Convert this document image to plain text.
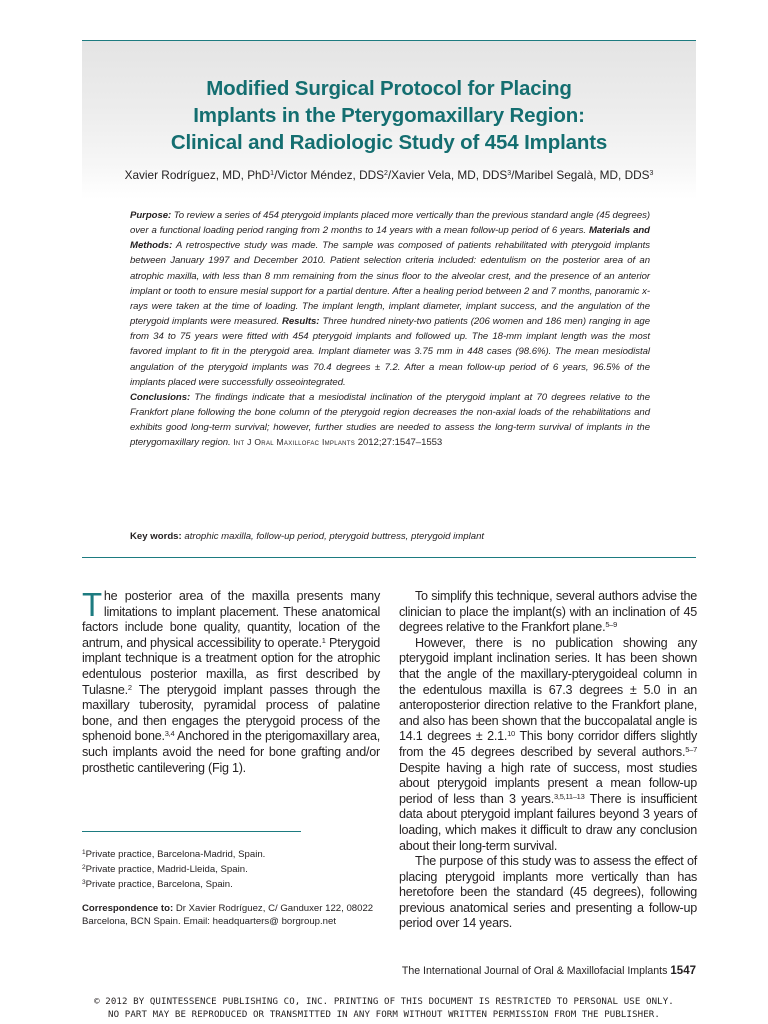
Modified Surgical Protocol for Placing
Implants in the Pterygomaxillary Region:
Clinical and Radiologic Study of 454 Implants

Xavier Rodríguez, MD, PhD$^1$/Victor Méndez, DDS$^2$/Xavier Vela, MD, DDS$^3$/Maribel Segalà, MD, DDS$^3$

Purpose: To review a series of 454 pterygoid implants placed more vertically than the previous standard angle (45 degrees) over a functional loading period ranging from 2 months to 14 years with a mean follow-up period of 6 years. Materials and Methods: A retrospective study was made. The sample was composed of patients rehabilitated with pterygoid implants between January 1997 and December 2010. Patient selection criteria included: edentulism on the posterior area of an atrophic maxilla, with less than 8 mm remaining from the sinus floor to the alveolar crest, and the presence of an anterior implant or tooth to ensure mesial support for a partial denture. After a healing period between 2 and 7 months, panoramic x-rays were taken at the time of loading. The implant length, implant diameter, implant success, and the angulation of the pterygoid implants were measured. Results: Three hundred ninety-two patients (206 women and 186 men) ranging in age from 34 to 75 years were fitted with 454 pterygoid implants and followed up. The 18-mm implant length was the most favored implant to fit in the pterygoid area. Implant diameter was 3.75 mm in 448 cases (98.6%). The mean mesiodistal angulation of the pterygoid implants was 70.4 degrees ± 7.2. After a mean follow-up period of 6 years, 96.5% of the implants placed were successfully osseointegrated.
Conclusions: The findings indicate that a mesiodistal inclination of the pterygoid implant at 70 degrees relative to the Frankfort plane following the bone column of the pterygoid region decreases the non-axial loads of the rehabilitations and exhibits good long-term survival; however, further studies are needed to assess the long-term survival of implants in the pterygomaxillary region. Int J Oral Maxillofac Implants 2012;27:1547–1553

Key words: atrophic maxilla, follow-up period, pterygoid buttress, pterygoid implant

The posterior area of the maxilla presents many limitations to implant placement. These anatomical factors include bone quality, quantity, location of the antrum, and physical accessibility to operate.$^1$ Pterygoid implant technique is a treatment option for the atrophic edentulous posterior maxilla, as first described by Tulasne.$^2$ The pterygoid implant passes through the maxillary tuberosity, pyramidal process of palatine bone, and then engages the pterygoid process of the sphenoid bone.$^{3,4}$ Anchored in the pterigomaxillary area, such implants avoid the need for bone grafting and/or prosthetic cantilevering (Fig 1).

To simplify this technique, several authors advise the clinician to place the implant(s) with an inclination of 45 degrees relative to the Frankfort plane.$^{5-9}$

However, there is no publication showing any pterygoid implant inclination series. It has been shown that the angle of the maxillary-pterygoideal column in the edentulous maxilla is 67.3 degrees ± 5.0 in an anteroposterior direction relative to the Frankfort plane, and also has been shown that the buccopalatal angle is 14.1 degrees ± 2.1.10 This bony corridor differs slightly from the 45 degrees described by several authors.$^{5-7}$ Despite having a high rate of success, most studies about pterygoid implants present a mean follow-up period of less than 3 years.$^{3,5,11-13}$ There is insufficient data about pterygoid implant failures beyond 3 years of loading, which makes it difficult to draw any conclusion about their long-term survival.

The purpose of this study was to assess the effect of placing pterygoid implants more vertically than has heretofore been the standard (45 degrees), following previous anatomical series and presenting a follow-up period over 14 years.

$^1$Private practice, Barcelona-Madrid, Spain.
$^2$Private practice, Madrid-Lleida, Spain.
$^3$Private practice, Barcelona, Spain.
Correspondence to: Dr Xavier Rodríguez, C/ Ganduxer 122, 08022 Barcelona, BCN Spain. Email: headquarters@ borgroup.net
The International Journal of Oral & Maxillofacial Implants 1547
© 2012 BY QUINTESSENCE PUBLISHING CO, INC. PRINTING OF THIS DOCUMENT IS RESTRICTED TO PERSONAL USE ONLY.
NO PART MAY BE REPRODUCED OR TRANSMITTED IN ANY FORM WITHOUT WRITTEN PERMISSION FROM THE PUBLISHER.
